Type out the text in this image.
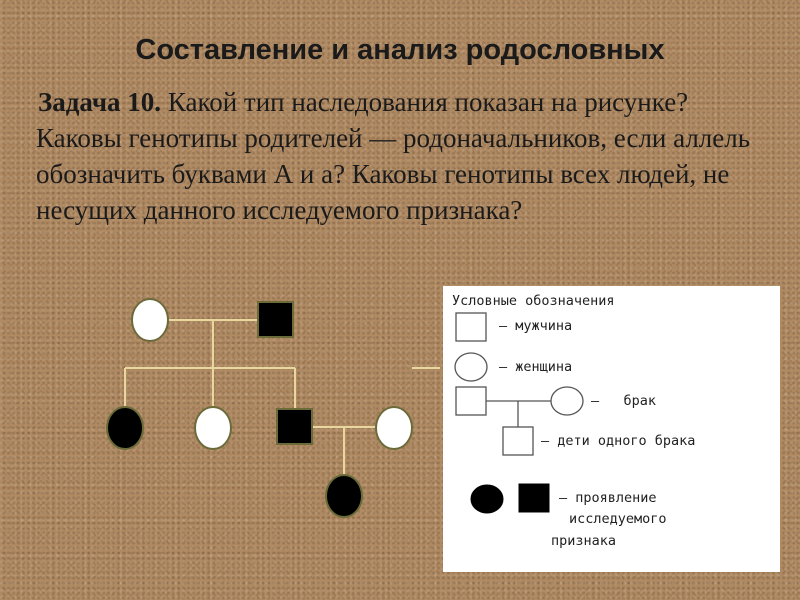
Составление и анализ родословных

Задача 10. Какой тип наследования показан на рисунке? Каковы генотипы родителей — родоначальников, если аллель обозначить буквами А и а? Каковы генотипы всех людей, не несущих данного исследуемого признака?

Условные обозначения
– мужчина
– женщина
–   брак
– дети одного брака
– проявление
исследуемого
признака
